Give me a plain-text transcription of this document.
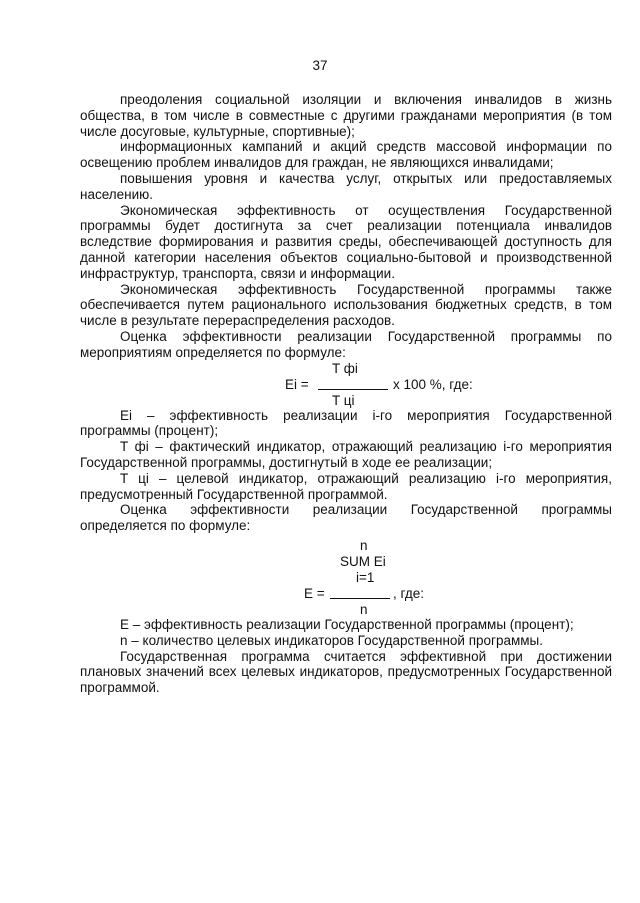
37

преодоления социальной изоляции и включения инвалидов в жизнь общества, в том числе в совместные с другими гражданами мероприятия (в том числе досуговые, культурные, спортивные);

информационных кампаний и акций средств массовой информации по освещению проблем инвалидов для граждан, не являющихся инвалидами;

повышения уровня и качества услуг, открытых или предоставляемых населению.

Экономическая эффективность от осуществления Государственной программы будет достигнута за счет реализации потенциала инвалидов вследствие формирования и развития среды, обеспечивающей доступность для данной категории населения объектов социально-бытовой и производственной инфраструктур, транспорта, связи и информации.

Экономическая эффективность Государственной программы также обеспечивается путем рационального использования бюджетных средств, в том числе в результате перераспределения расходов.

Оценка эффективности реализации Государственной программы по мероприятиям определяется по формуле:

T фi
Ei =	x 100 %, где:
T цi

Ei – эффективность реализации i-го мероприятия Государственной программы (процент);

T фi – фактический индикатор, отражающий реализацию i-го мероприятия Государственной программы, достигнутый в ходе ее реализации;

T цi – целевой индикатор, отражающий реализацию i-го мероприятия, предусмотренный Государственной программой.

Оценка эффективности реализации Государственной программы определяется по формуле:

n
SUM Ei
i=1
E =	, где:
n

E – эффективность реализации Государственной программы (процент);

n – количество целевых индикаторов Государственной программы.

Государственная программа считается эффективной при достижении плановых значений всех целевых индикаторов, предусмотренных Государственной программой.
